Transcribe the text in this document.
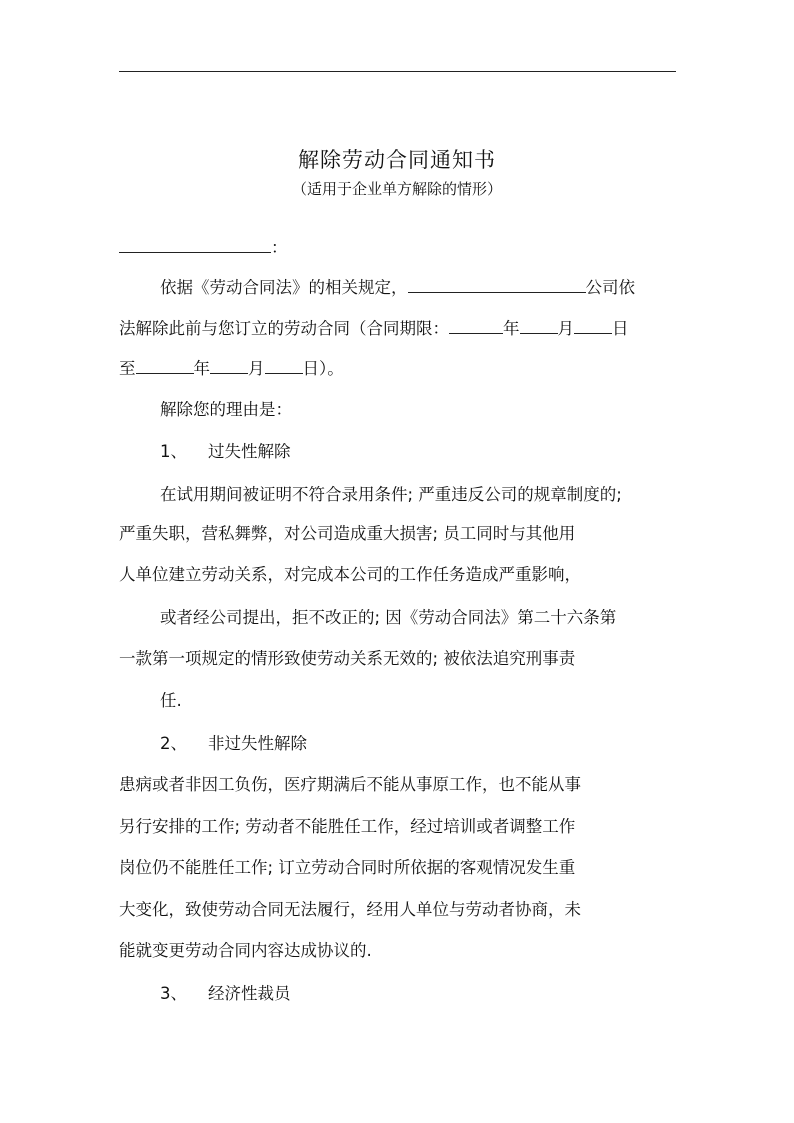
解除劳动合同通知书
（适用于企业单方解除的情形）
：
依据《劳动合同法》的相关规定，	公司依
法解除此前与您订立的劳动合同（合同期限：	年 月 日
至	年 月 日）。
解除您的理由是：
1、 过失性解除
在试用期间被证明不符合录用条件; 严重违反公司的规章制度的;
严重失职，营私舞弊，对公司造成重大损害; 员工同时与其他用
人单位建立劳动关系，对完成本公司的工作任务造成严重影响，
或者经公司提出，拒不改正的; 因《劳动合同法》第二十六条第
一款第一项规定的情形致使劳动关系无效的; 被依法追究刑事责
任.
2、 非过失性解除
患病或者非因工负伤，医疗期满后不能从事原工作，也不能从事
另行安排的工作; 劳动者不能胜任工作，经过培训或者调整工作
岗位仍不能胜任工作; 订立劳动合同时所依据的客观情况发生重
大变化，致使劳动合同无法履行，经用人单位与劳动者协商，未
能就变更劳动合同内容达成协议的.
3、 经济性裁员
